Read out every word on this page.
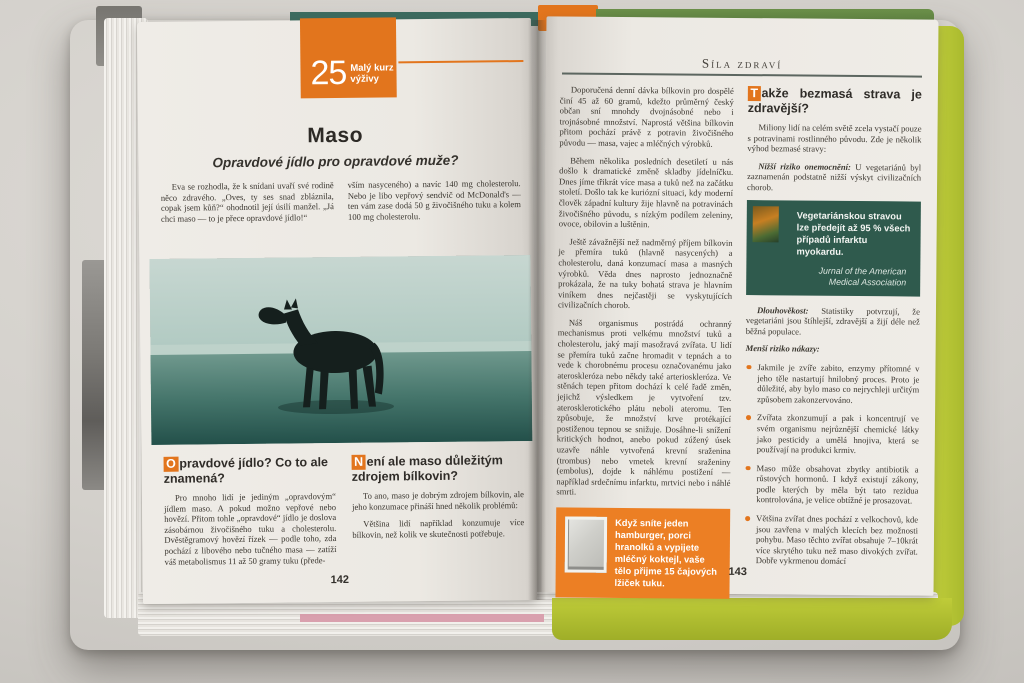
25 Malý kurz
výživy
Maso
Opravdové jídlo pro opravdové muže?
Eva se rozhodla, že k snídani uvaří své rodině něco zdravého. „Oves, ty ses snad zbláznila, copak jsem kůň?“ ohodnotil její úsilí manžel. „Já chci maso — to je přece opravdové jídlo!“
vším nasyceného) a navíc 140 mg cholesterolu. Nebo je libo vepřový sendvič od McDonald's — ten vám zase dodá 50 g živočišného tuku a kolem 100 mg cholesterolu.
O pravdové jídlo? Co to ale znamená?

Pro mnoho lidí je jediným „opravdovým“ jídlem maso. A pokud možno vepřové nebo hovězí. Přitom tohle „opravdové“ jídlo je doslova zásobárnou živočišného tuku a cholesterolu. Dvěstěgramový hovězí řízek — podle toho, zda pochází z libového nebo tučného masa — zatíží váš metabolismus 11 až 50 gramy tuku (přede-

N ení ale maso důležitým zdrojem bílkovin?

To ano, maso je dobrým zdrojem bílkovin, ale jeho konzumace přináší hned několik problémů:

Většina lidí například konzumuje více bílkovin, než kolik ve skutečnosti potřebuje.

142
Síla zdraví

Doporučená denní dávka bílkovin pro dospělé činí 45 až 60 gramů, kdežto průměrný český občan sní mnohdy dvojnásobné nebo i trojnásobné množství. Naprostá většina bílkovin přitom pochází právě z potravin živočišného původu — masa, vajec a mléčných výrobků.

Během několika posledních desetiletí u nás došlo k dramatické změně skladby jídelníčku. Dnes jíme třikrát více masa a tuků než na začátku století. Došlo tak ke kuriózní situaci, kdy moderní člověk západní kultury žije hlavně na potravinách živočišného původu, s nízkým podílem zeleniny, ovoce, obilovin a luštěnin.

Ještě závažnější než nadměrný příjem bílkovin je přemíra tuků (hlavně nasycených) a cholesterolu, daná konzumací masa a masných výrobků. Věda dnes naprosto jednoznačně prokázala, že na tuky bohatá strava je hlavním viníkem dnes nejčastěji se vyskytujících civilizačních chorob.

Náš organismus postrádá ochranný mechanismus proti velkému množství tuků a cholesterolu, jaký mají masožravá zvířata. U lidí se přemíra tuků začne hromadit v tepnách a to vede k chorobnému procesu označovanému jako ateroskleróza nebo někdy také arterioskleróza. Ve stěnách tepen přitom dochází k celé řadě změn, jejichž výsledkem je vytvoření tzv. aterosklerotického plátu neboli ateromu. Ten způsobuje, že množství krve protékající postiženou tepnou se snižuje. Dosáhne-li snížení kritických hodnot, anebo pokud zúžený úsek uzavře náhle vytvořená krevní sraženina (trombus) nebo vmetek krevní sraženiny (embolus), dojde k náhlému postižení — například srdečnímu infarktu, mrtvici nebo i náhlé smrti.

Když sníte jeden hamburger, porci hranolků a vypijete mléčný koktejl, vaše tělo přijme 15 čajových lžiček tuku.
T akže bezmasá strava je zdravější?

Miliony lidí na celém světě zcela vystačí pouze s potravinami rostlinného původu. Zde je několik výhod bezmasé stravy:

Nižší riziko onemocnění: U vegetariánů byl zaznamenán podstatně nižší výskyt civilizačních chorob.

Vegetariánskou stravou lze předejít až 95 % všech případů infarktu myokardu.

Jurnal of the American Medical Association

Dlouhověkost: Statistiky potvrzují, že vegetariáni jsou štíhlejší, zdravější a žijí déle než běžná populace.

Menší riziko nákazy:

Jakmile je zvíře zabito, enzymy přítomné v jeho těle nastartují hnilobný proces. Proto je důležité, aby bylo maso co nejrychleji určitým způsobem zakonzervováno.
Zvířata zkonzumují a pak i koncentrují ve svém organismu nejrůznější chemické látky jako pesticidy a umělá hnojiva, která se používají na produkci krmiv.
Maso může obsahovat zbytky antibiotik a růstových hormonů. I když existují zákony, podle kterých by měla být tato rezidua kontrolována, je velice obtížné je prosazovat.
Většina zvířat dnes pochází z velkochovů, kde jsou zavřena v malých klecích bez možnosti pohybu. Maso těchto zvířat obsahuje 7–10krát více skrytého tuku než maso divokých zvířat. Dobře vykrmenou domácí
143
